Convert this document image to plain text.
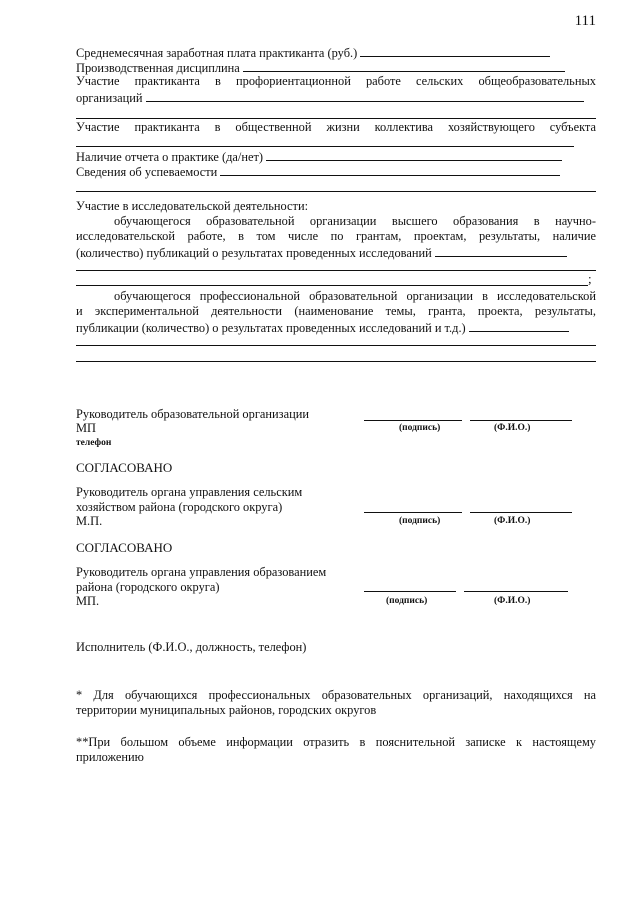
111
Среднемесячная заработная плата практиканта (руб.)
Производственная дисциплина
Участие практиканта в профориентационной работе сельских общеобразовательных
организаций
Участие практиканта в общественной жизни коллектива хозяйствующего субъекта
Наличие отчета о практике (да/нет)
Сведения об успеваемости
Участие в исследовательской деятельности:
обучающегося образовательной организации высшего образования в научно-
исследовательской работе, в том числе по грантам, проектам, результаты, наличие
(количество) публикаций о результатах проведенных исследований
;
обучающегося профессиональной образовательной организации в исследовательской
и экспериментальной деятельности (наименование темы, гранта, проекта, результаты,
публикации (количество) о результатах проведенных исследований и т.д.)
Руководитель образовательной организации
МП	(подпись)	(Ф.И.О.)
телефон
СОГЛАСОВАНО
Руководитель органа управления сельским
хозяйством района (городского округа)
М.П.	(подпись)	(Ф.И.О.)
СОГЛАСОВАНО
Руководитель органа управления образованием
района (городского округа)
МП.	(подпись)	(Ф.И.О.)
Исполнитель (Ф.И.О., должность, телефон)
* Для обучающихся профессиональных образовательных организаций, находящихся на
территории муниципальных районов, городских округов
**При большом объеме информации отразить в пояснительной записке к настоящему
приложению
